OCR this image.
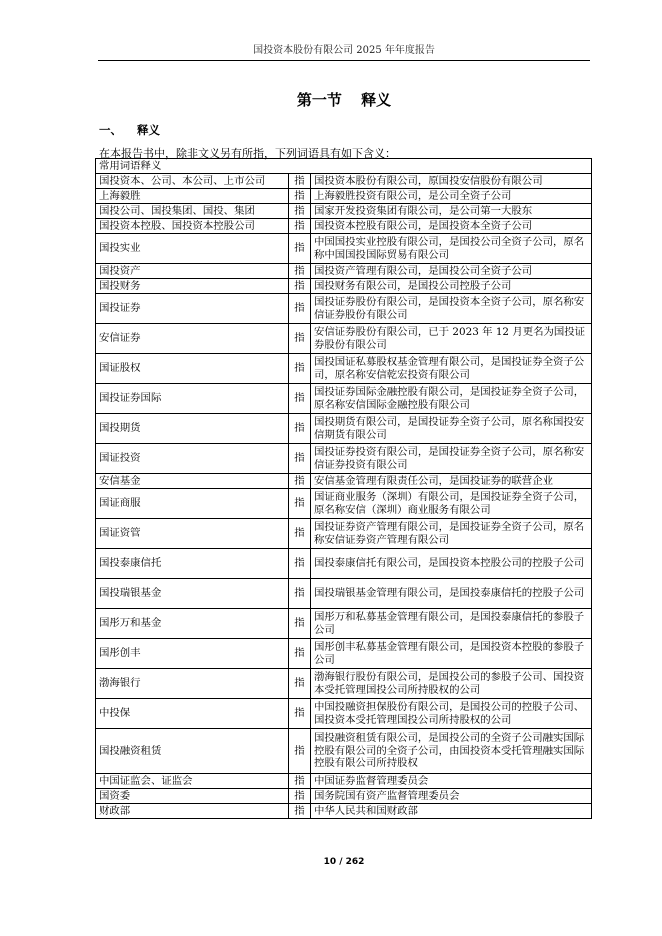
国投资本股份有限公司 2025 年年度报告
第一节 释义
一、 释义
在本报告书中，除非文义另有所指，下列词语具有如下含义：
常用词语释义		
国投资本、公司、本公司、上市公司	指	国投资本股份有限公司，原国投安信股份有限公司
上海毅胜	指	上海毅胜投资有限公司，是公司全资子公司
国投公司、国投集团、国投、集团	指	国家开发投资集团有限公司，是公司第一大股东
国投资本控股、国投资本控股公司	指	国投资本控股有限公司，是国投资本全资子公司
国投实业	指	中国国投实业控股有限公司，是国投公司全资子公司，原名称中国国投国际贸易有限公司
国投资产	指	国投资产管理有限公司，是国投公司全资子公司
国投财务	指	国投财务有限公司，是国投公司控股子公司
国投证券	指	国投证券股份有限公司，是国投资本全资子公司，原名称安信证券股份有限公司
安信证券	指	安信证券股份有限公司，已于 2023 年 12 月更名为国投证券股份有限公司
国证股权	指	国投国证私募股权基金管理有限公司，是国投证券全资子公司，原名称安信乾宏投资有限公司
国投证券国际	指	国投证券国际金融控股有限公司，是国投证券全资子公司，原名称安信国际金融控股有限公司
国投期货	指	国投期货有限公司，是国投证券全资子公司，原名称国投安信期货有限公司
国证投资	指	国投证券投资有限公司，是国投证券全资子公司，原名称安信证券投资有限公司
安信基金	指	安信基金管理有限责任公司，是国投证券的联营企业
国证商服	指	国证商业服务（深圳）有限公司，是国投证券全资子公司，原名称安信（深圳）商业服务有限公司
国证资管	指	国投证券资产管理有限公司，是国投证券全资子公司，原名称安信证券资产管理有限公司
国投泰康信托	指	国投泰康信托有限公司，是国投资本控股公司的控股子公司
国投瑞银基金	指	国投瑞银基金管理有限公司，是国投泰康信托的控股子公司
国彤万和基金	指	国彤万和私募基金管理有限公司，是国投泰康信托的参股子公司
国彤创丰	指	国彤创丰私募基金管理有限公司，是国投资本控股的参股子公司
渤海银行	指	渤海银行股份有限公司，是国投公司的参股子公司、国投资本受托管理国投公司所持股权的公司
中投保	指	中国投融资担保股份有限公司，是国投公司的控股子公司、国投资本受托管理国投公司所持股权的公司
国投融资租赁	指	国投融资租赁有限公司，是国投公司的全资子公司融实国际控股有限公司的全资子公司，由国投资本受托管理融实国际控股有限公司所持股权
中国证监会、证监会	指	中国证券监督管理委员会
国资委	指	国务院国有资产监督管理委员会
财政部	指	中华人民共和国财政部
10 / 262
